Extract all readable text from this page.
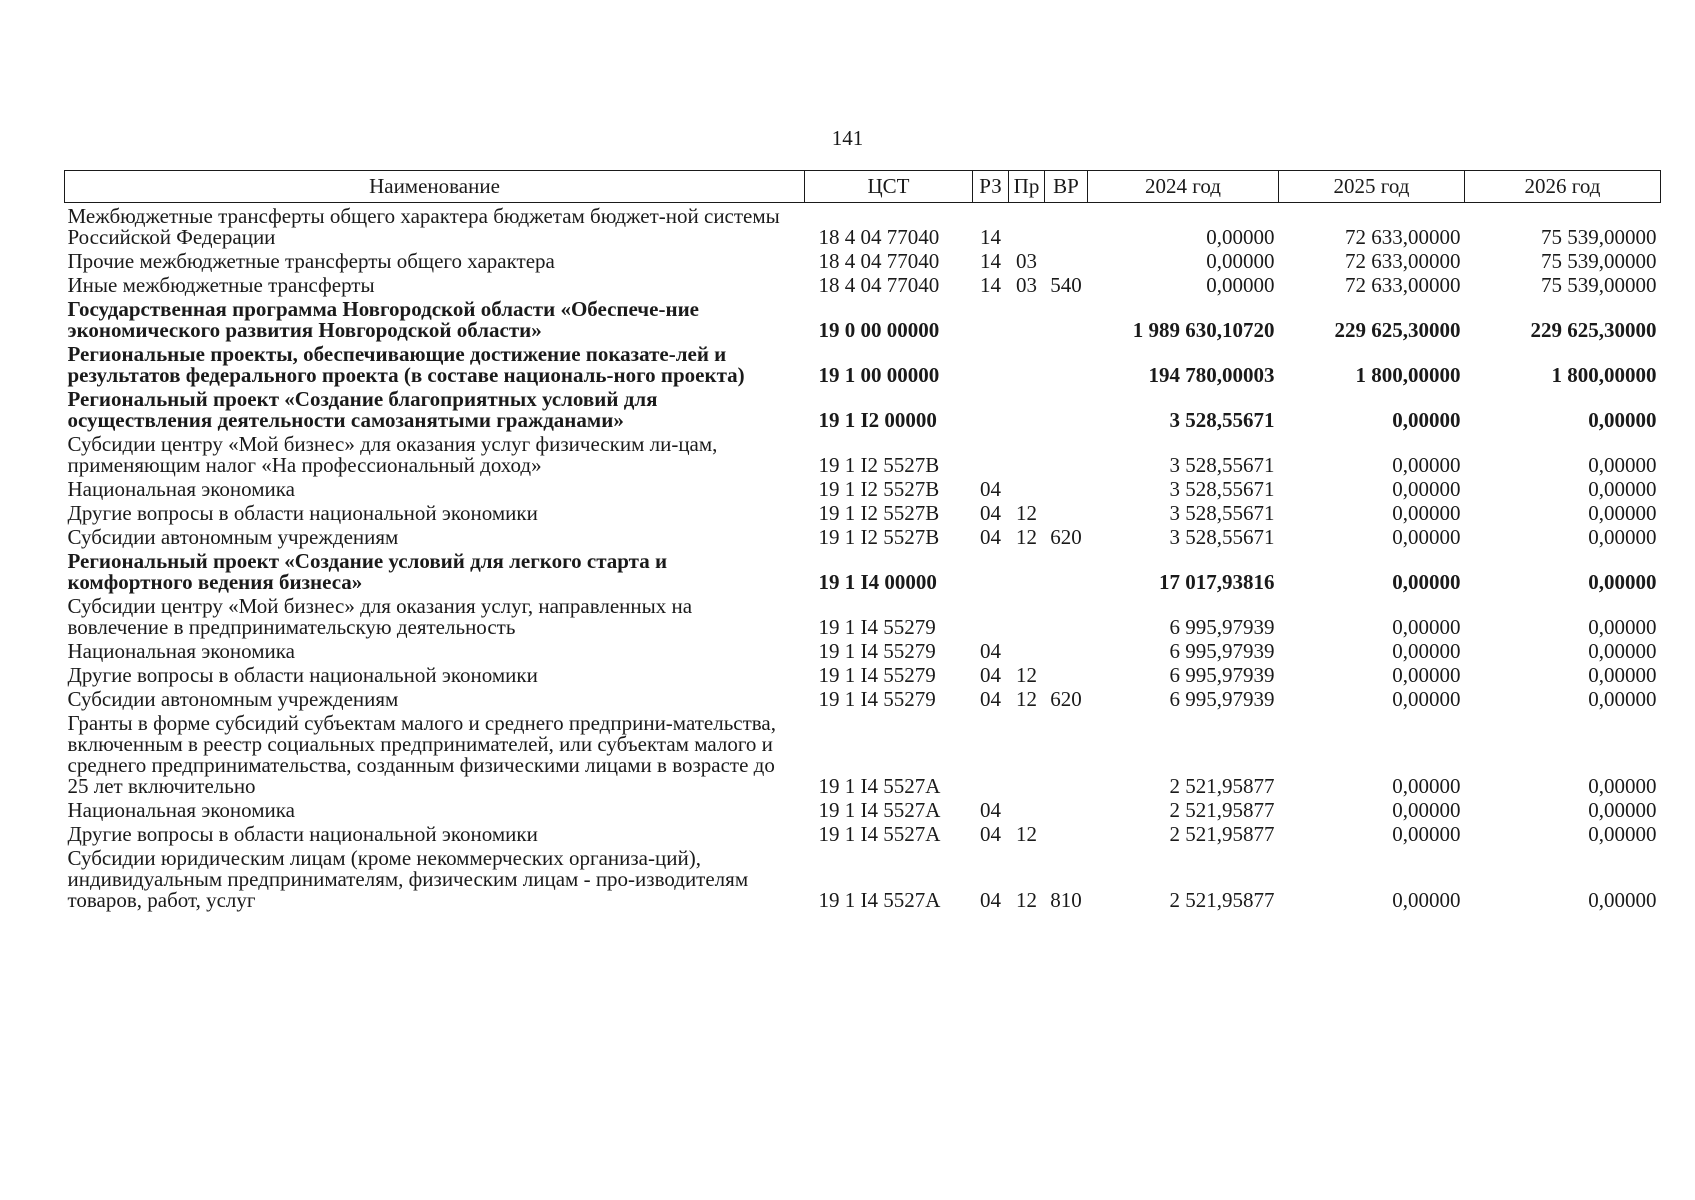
141
Наименование	ЦСТ	РЗ	Пр	ВР	2024 год	2025 год	2026 год
Межбюджетные трансферты общего характера бюджетам бюджет-ной системы Российской Федерации	18 4 04 77040	14			0,00000	72 633,00000	75 539,00000
Прочие межбюджетные трансферты общего характера	18 4 04 77040	14	03		0,00000	72 633,00000	75 539,00000
Иные межбюджетные трансферты	18 4 04 77040	14	03	540	0,00000	72 633,00000	75 539,00000
Государственная программа Новгородской области «Обеспече-ние экономического развития Новгородской области»	19 0 00 00000				1 989 630,10720	229 625,30000	229 625,30000
Региональные проекты, обеспечивающие достижение показате-лей и результатов федерального проекта (в составе националь-ного проекта)	19 1 00 00000				194 780,00003	1 800,00000	1 800,00000
Региональный проект «Создание благоприятных условий для осуществления деятельности самозанятыми гражданами»	19 1 I2 00000				3 528,55671	0,00000	0,00000
Субсидии центру «Мой бизнес» для оказания услуг физическим ли-цам, применяющим налог «На профессиональный доход»	19 1 I2 5527B				3 528,55671	0,00000	0,00000
Национальная экономика	19 1 I2 5527B	04			3 528,55671	0,00000	0,00000
Другие вопросы в области национальной экономики	19 1 I2 5527B	04	12		3 528,55671	0,00000	0,00000
Субсидии автономным учреждениям	19 1 I2 5527B	04	12	620	3 528,55671	0,00000	0,00000
Региональный проект «Создание условий для легкого старта и комфортного ведения бизнеса»	19 1 I4 00000				17 017,93816	0,00000	0,00000
Субсидии центру «Мой бизнес» для оказания услуг, направленных на вовлечение в предпринимательскую деятельность	19 1 I4 55279				6 995,97939	0,00000	0,00000
Национальная экономика	19 1 I4 55279	04			6 995,97939	0,00000	0,00000
Другие вопросы в области национальной экономики	19 1 I4 55279	04	12		6 995,97939	0,00000	0,00000
Субсидии автономным учреждениям	19 1 I4 55279	04	12	620	6 995,97939	0,00000	0,00000
Гранты в форме субсидий субъектам малого и среднего предприни-мательства, включенным в реестр социальных предпринимателей, или субъектам малого и среднего предпринимательства, созданным физическими лицами в возрасте до 25 лет включительно	19 1 I4 5527A				2 521,95877	0,00000	0,00000
Национальная экономика	19 1 I4 5527A	04			2 521,95877	0,00000	0,00000
Другие вопросы в области национальной экономики	19 1 I4 5527A	04	12		2 521,95877	0,00000	0,00000
Субсидии юридическим лицам (кроме некоммерческих организа-ций), индивидуальным предпринимателям, физическим лицам - про-изводителям товаров, работ, услуг	19 1 I4 5527A	04	12	810	2 521,95877	0,00000	0,00000
